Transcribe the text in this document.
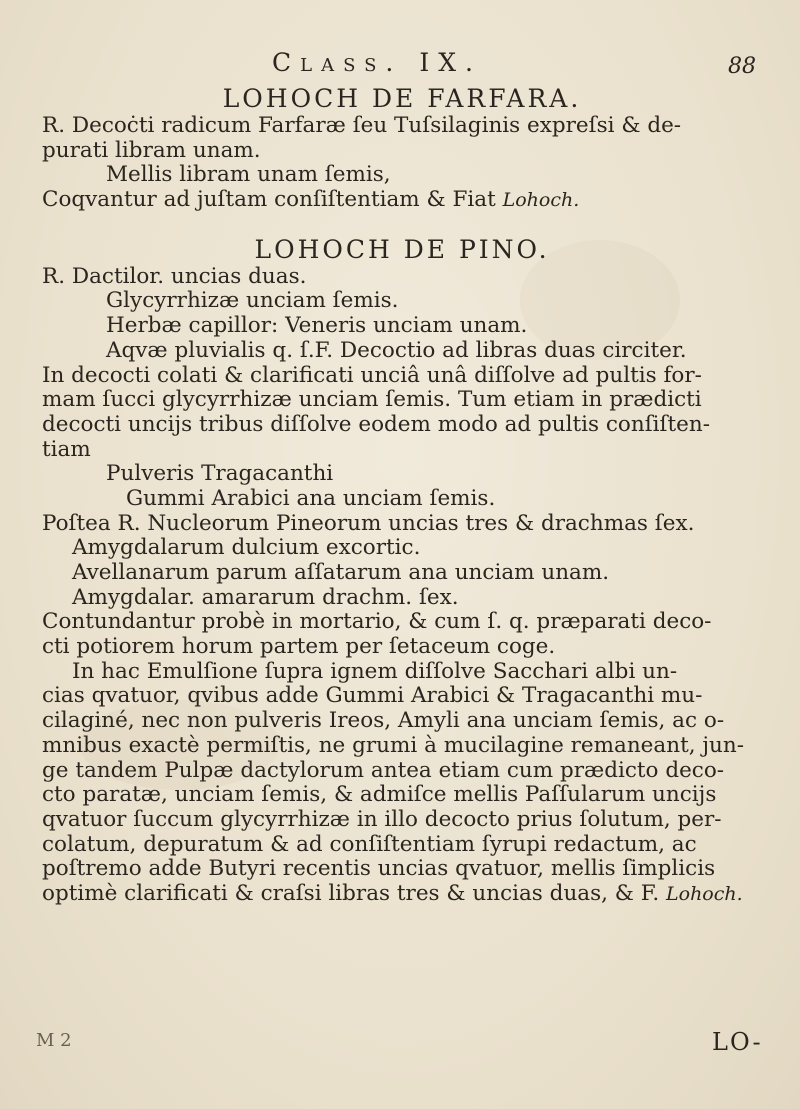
Class. IX.	88
LOHOCH DE FARFARA.
R. Decoċti radicum Farfaræ ſeu Tuſsilaginis expreſsi & de-
purati libram unam.
Mellis libram unam ſemis,
Coqvantur ad juſtam conſiſtentiam & Fiat Lohoch.
LOHOCH DE PINO.
R. Dactilor. uncias duas.
Glycyrrhizæ unciam ſemis.
Herbæ capillor: Veneris unciam unam.
Aqvæ pluvialis q. ſ.F. Decoctio ad libras duas circiter.
In decocti colati & clarificati unciâ unâ diſſolve ad pultis for-
mam ſucci glycyrrhizæ unciam ſemis. Tum etiam in prædicti
decocti uncijs tribus diſſolve eodem modo ad pultis conſiſten-
tiam
Pulveris Tragacanthi
Gummi Arabici ana unciam ſemis.
Poſtea R. Nucleorum Pineorum uncias tres & drachmas ſex.
Amygdalarum dulcium excortic.
Avellanarum parum aſſatarum ana unciam unam.
Amygdalar. amararum drachm. ſex.
Contundantur probè in mortario, & cum ſ. q. præparati deco-
cti potiorem horum partem per ſetaceum coge.
In hac Emulſione ſupra ignem diſſolve Sacchari albi un-
cias qvatuor, qvibus adde Gummi Arabici & Tragacanthi mu-
cilaginé, nec non pulveris Ireos, Amyli ana unciam ſemis, ac o-
mnibus exactè permiſtis, ne grumi à mucilagine remaneant, jun-
ge tandem Pulpæ dactylorum antea etiam cum prædicto deco-
cto paratæ, unciam ſemis, & admiſce mellis Paſſularum uncijs
qvatuor ſuccum glycyrrhizæ in illo decocto prius ſolutum, per-
colatum, depuratum & ad conſiſtentiam ſyrupi redactum, ac
poſtremo adde Butyri recentis uncias qvatuor, mellis ſimplicis
optimè clarificati & craſsi libras tres & uncias duas, & F. Lohoch.
M 2	LO-
